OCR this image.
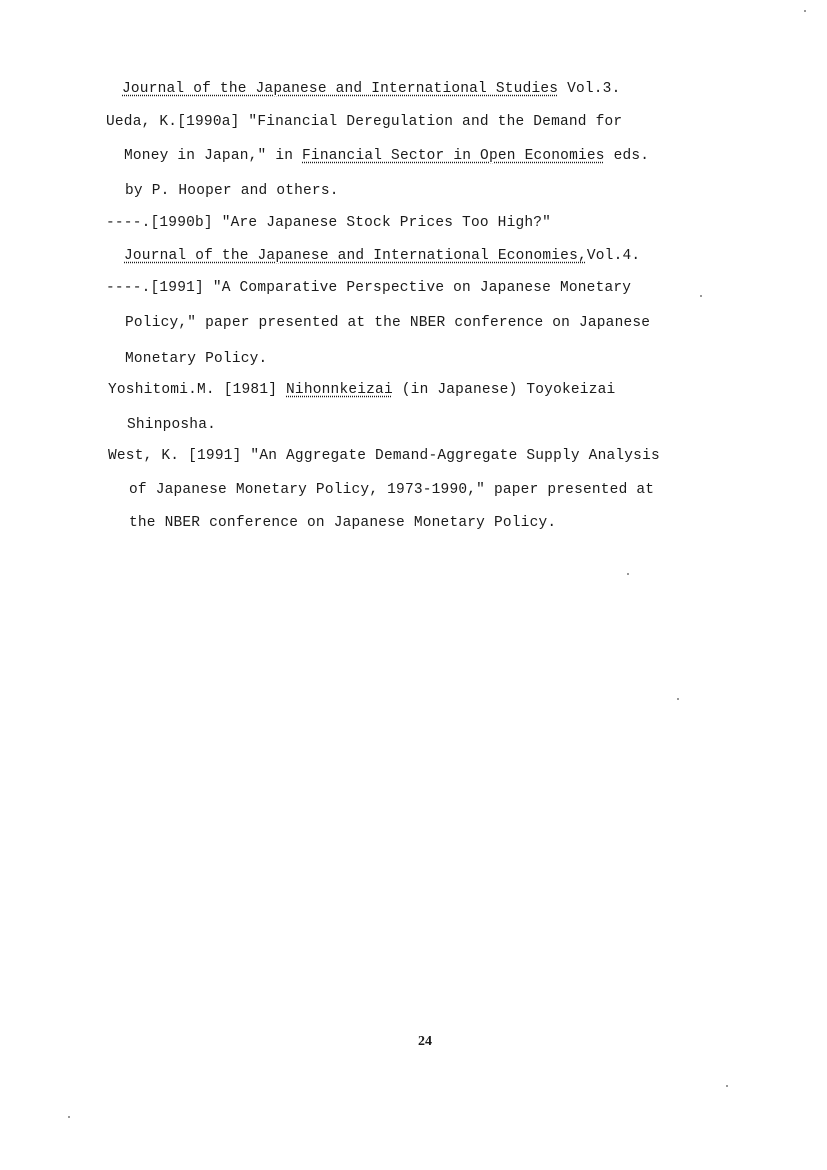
Journal of the Japanese and International Studies Vol.3.
Ueda, K.[1990a] "Financial Deregulation and the Demand for
Money in Japan," in Financial Sector in Open Economies eds.
by P. Hooper and others.
----.[1990b] "Are Japanese Stock Prices Too High?"
Journal of the Japanese and International Economies,Vol.4.
----.[1991] "A Comparative Perspective on Japanese Monetary
Policy," paper presented at the NBER conference on Japanese
Monetary Policy.
Yoshitomi.M. [1981] Nihonnkeizai (in Japanese) Toyokeizai
Shinposha.
West, K. [1991] "An Aggregate Demand-Aggregate Supply Analysis
of Japanese Monetary Policy, 1973-1990," paper presented at
the NBER conference on Japanese Monetary Policy.
24
